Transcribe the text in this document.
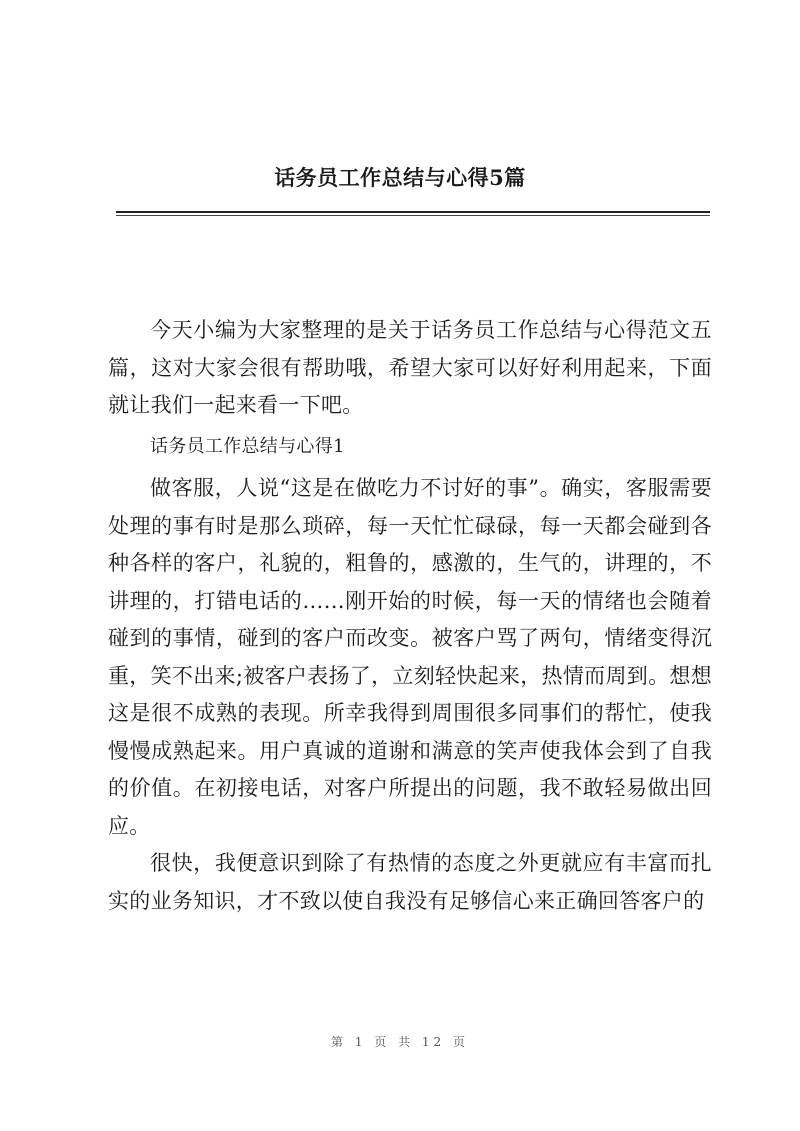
话务员工作总结与心得5篇

今天小编为大家整理的是关于话务员工作总结与心得范文五篇，这对大家会很有帮助哦，希望大家可以好好利用起来，下面就让我们一起来看一下吧。

话务员工作总结与心得1

做客服，人说“这是在做吃力不讨好的事”。确实，客服需要处理的事有时是那么琐碎，每一天忙忙碌碌，每一天都会碰到各种各样的客户，礼貌的，粗鲁的，感激的，生气的，讲理的，不讲理的，打错电话的……刚开始的时候，每一天的情绪也会随着碰到的事情，碰到的客户而改变。被客户骂了两句，情绪变得沉重，笑不出来;被客户表扬了，立刻轻快起来，热情而周到。想想这是很不成熟的表现。所幸我得到周围很多同事们的帮忙，使我慢慢成熟起来。用户真诚的道谢和满意的笑声使我体会到了自我的价值。在初接电话，对客户所提出的问题，我不敢轻易做出回应。

很快，我便意识到除了有热情的态度之外更就应有丰富而扎实的业务知识，才不致以使自我没有足够信心来正确回答客户的

第 1 页 共 12 页
